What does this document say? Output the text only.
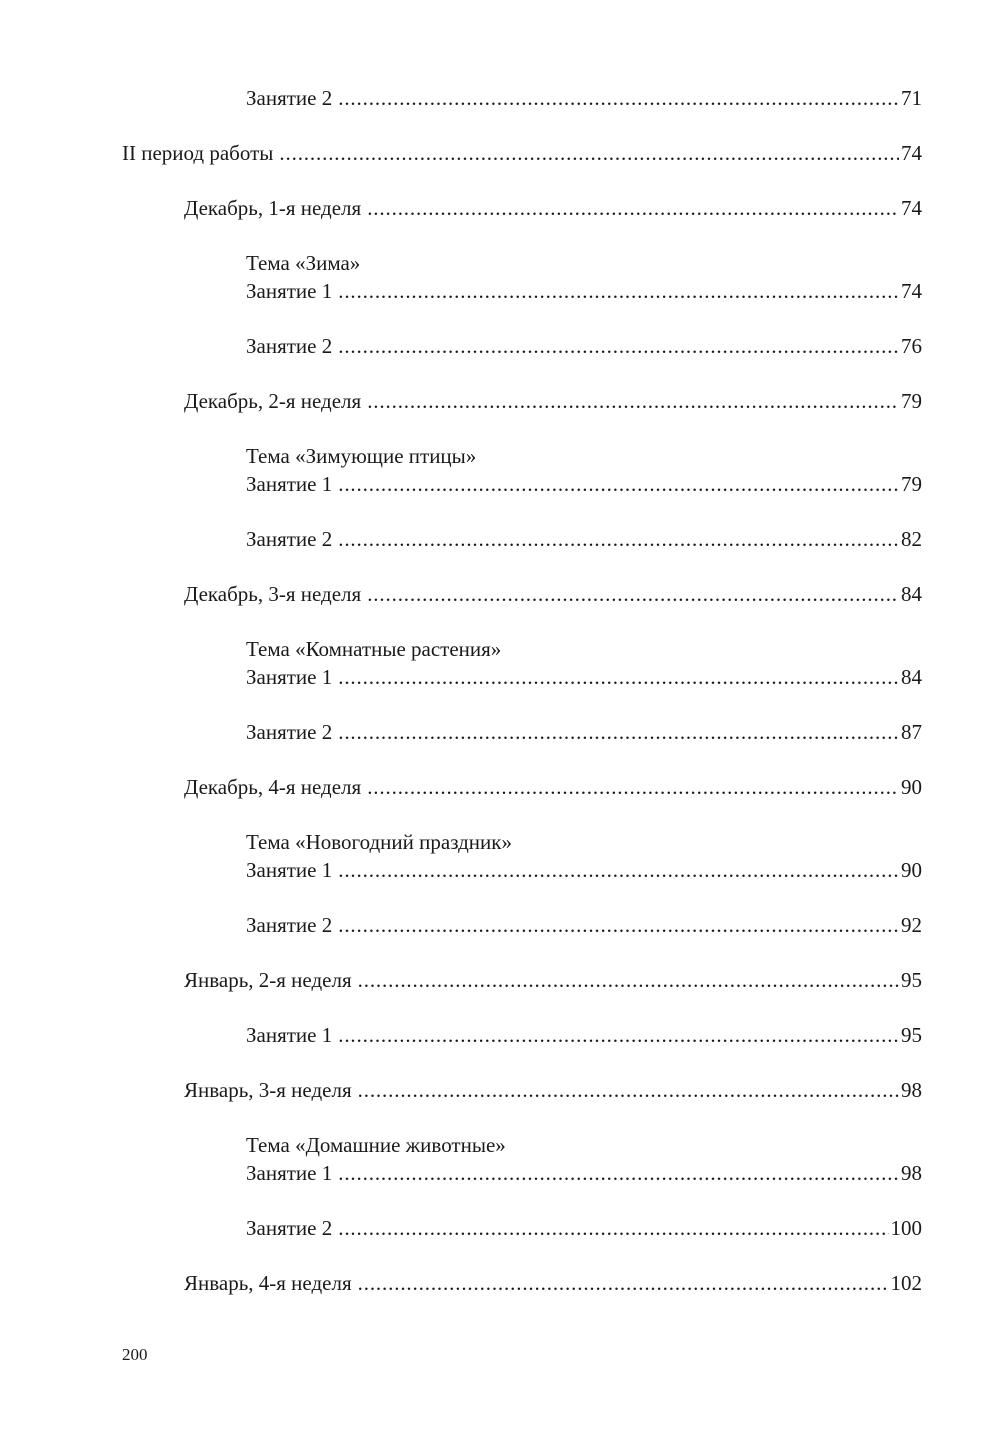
Занятие 2 . . .	71
II период работы . . .	74
Декабрь, 1-я неделя . . .	74
Тема «Зима»
Занятие 1 . . .	74
Занятие 2 . . .	76
Декабрь, 2-я неделя . . .	79
Тема «Зимующие птицы»
Занятие 1 . . .	79
Занятие 2 . . .	82
Декабрь, 3-я неделя . . .	84
Тема «Комнатные растения»
Занятие 1 . . .	84
Занятие 2 . . .	87
Декабрь, 4-я неделя . . .	90
Тема «Новогодний праздник»
Занятие 1 . . .	90
Занятие 2 . . .	92
Январь, 2-я неделя . . .	95
Занятие 1 . . .	95
Январь, 3-я неделя . . .	98
Тема «Домашние животные»
Занятие 1 . . .	98
Занятие 2 . . .	100
Январь, 4-я неделя . . .	102
200
